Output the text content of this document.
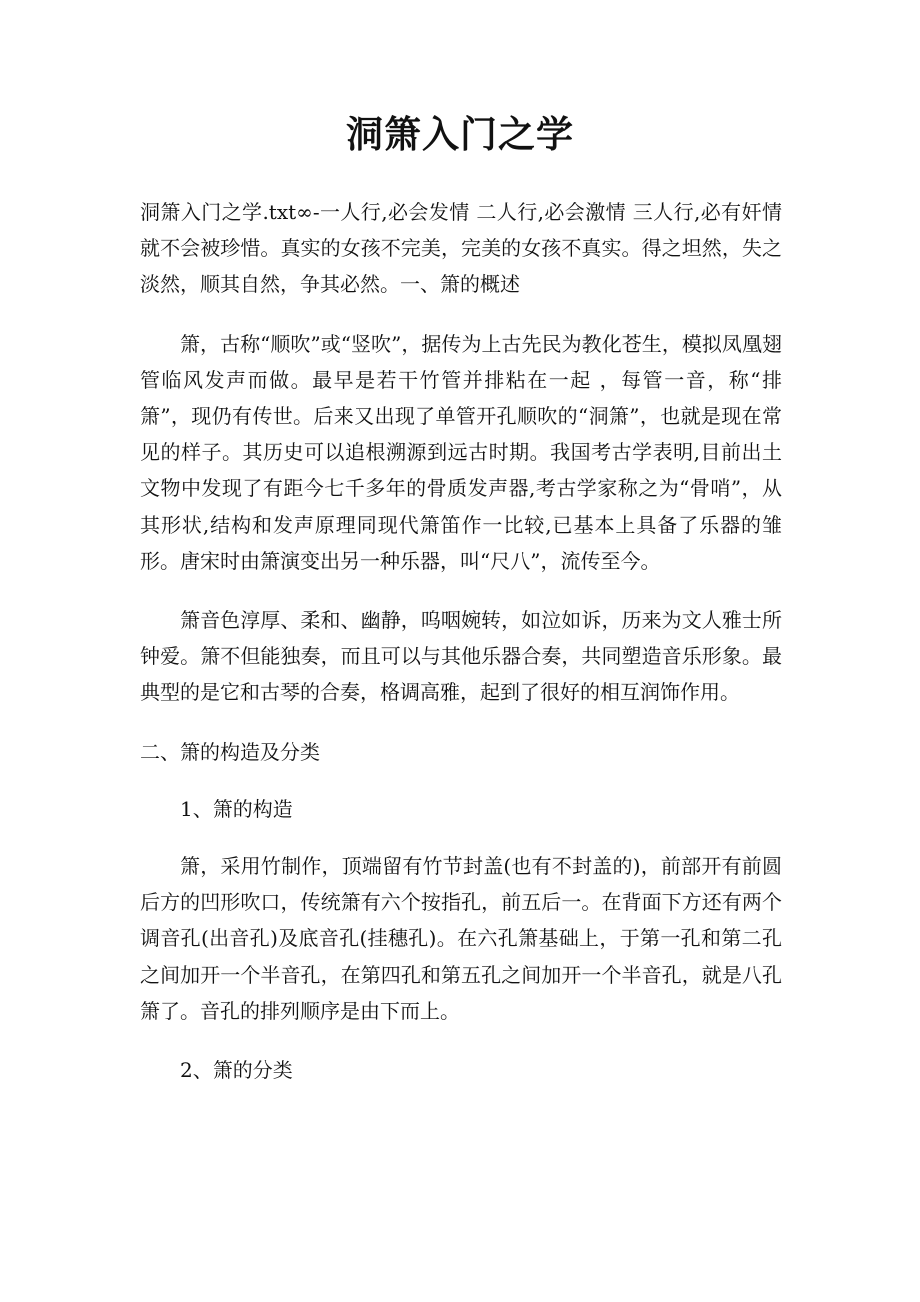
洞箫入门之学

洞箫入门之学.txt∞-一人行,必会发情 二人行,必会激情 三人行,必有奸情 就不会被珍惜。真实的女孩不完美，完美的女孩不真实。得之坦然，失之淡然，顺其自然，争其必然。一、箫的概述

箫，古称“顺吹”或“竖吹”，据传为上古先民为教化苍生，模拟凤凰翅管临风发声而做。最早是若干竹管并排粘在一起 ，每管一音，称“排箫”，现仍有传世。后来又出现了单管开孔顺吹的“洞箫”，也就是现在常见的样子。其历史可以追根溯源到远古时期。我国考古学表明,目前出土文物中发现了有距今七千多年的骨质发声器,考古学家称之为“骨哨”，从其形状,结构和发声原理同现代箫笛作一比较,已基本上具备了乐器的雏形。唐宋时由箫演变出另一种乐器，叫“尺八”，流传至今。

箫音色淳厚、柔和、幽静，呜咽婉转，如泣如诉，历来为文人雅士所钟爱。箫不但能独奏，而且可以与其他乐器合奏，共同塑造音乐形象。最典型的是它和古琴的合奏，格调高雅，起到了很好的相互润饰作用。

二、箫的构造及分类

1、箫的构造

箫，采用竹制作，顶端留有竹节封盖(也有不封盖的)，前部开有前圆后方的凹形吹口，传统箫有六个按指孔，前五后一。在背面下方还有两个调音孔(出音孔)及底音孔(挂穗孔)。在六孔箫基础上，于第一孔和第二孔之间加开一个半音孔，在第四孔和第五孔之间加开一个半音孔，就是八孔箫了。音孔的排列顺序是由下而上。

2、箫的分类
